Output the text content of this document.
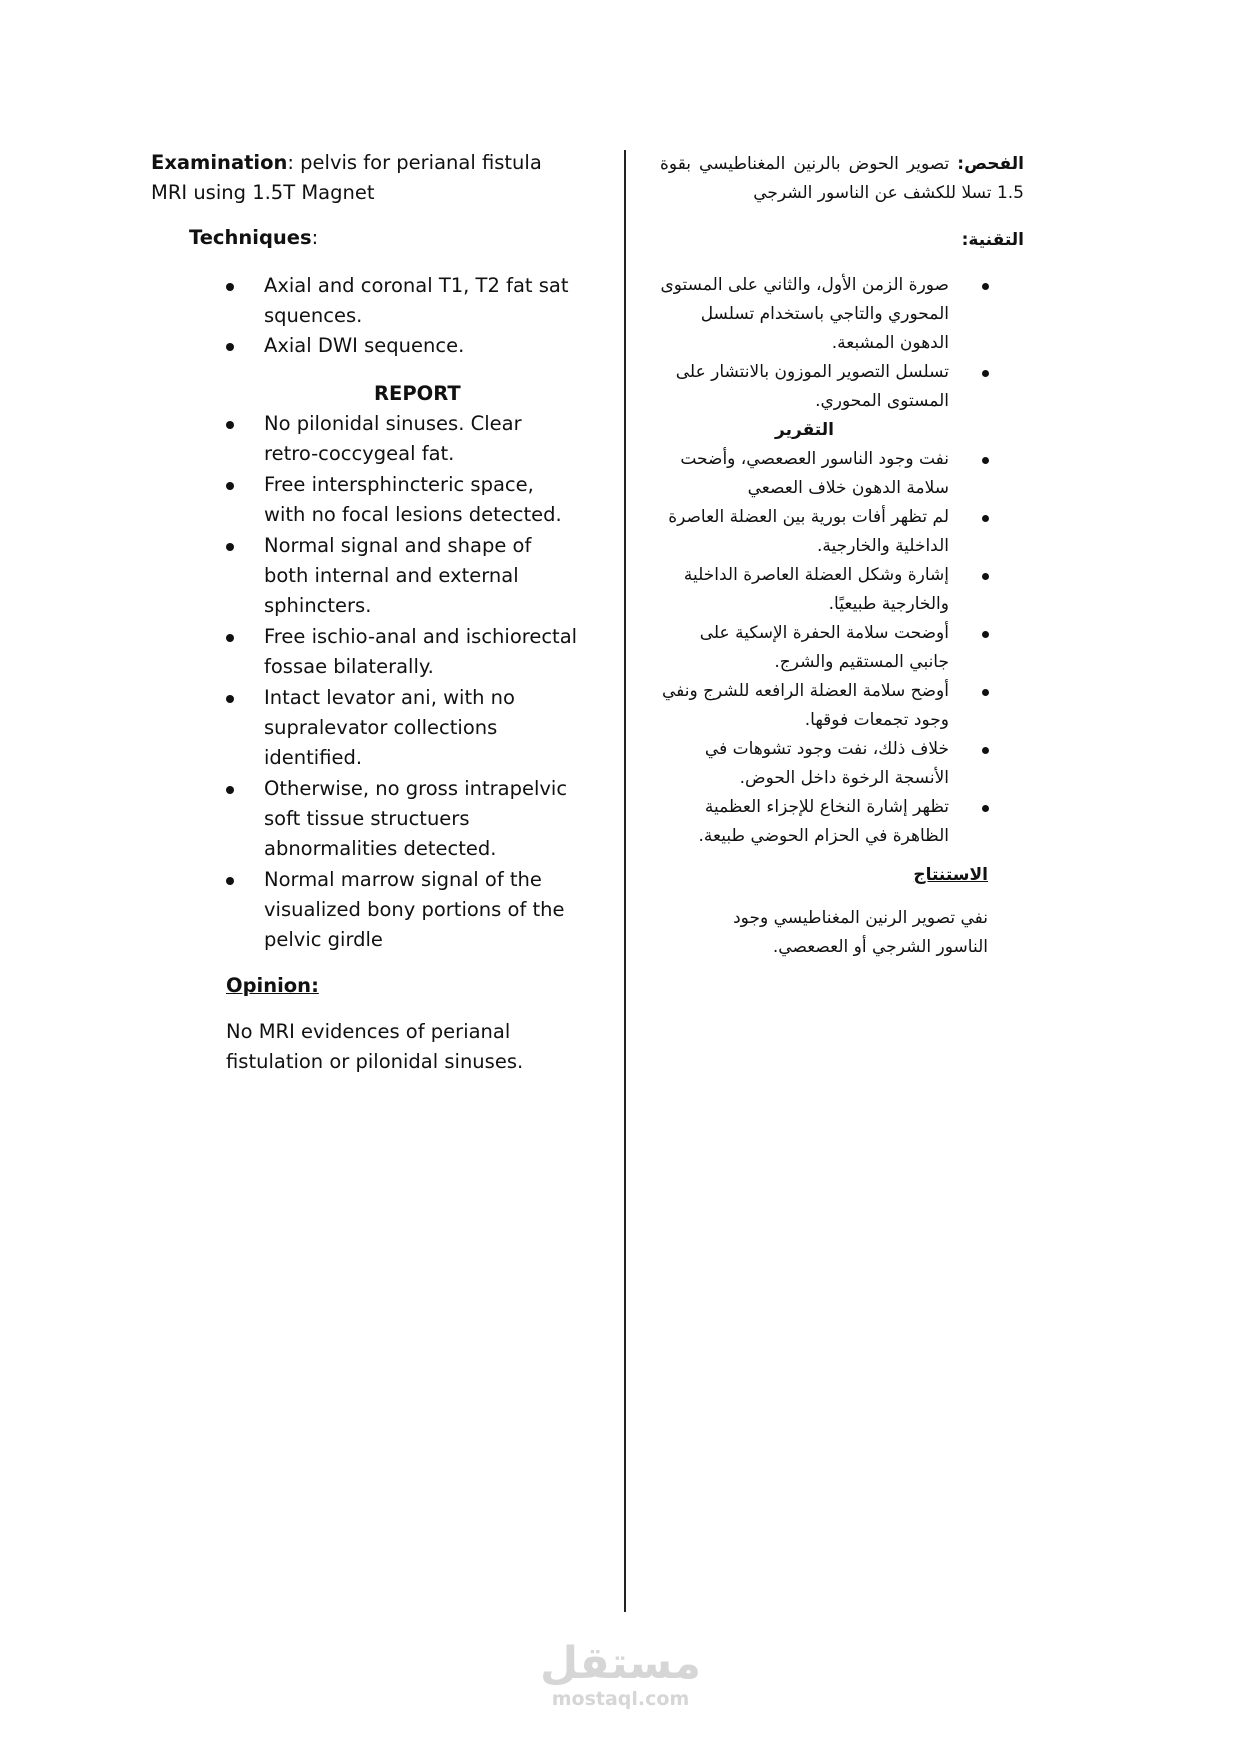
Examination: pelvis for perianal fistula MRI using 1.5T Magnet

Techniques:

Axial and coronal T1, T2 fat sat squences.
Axial DWI sequence.
REPORT
No pilonidal sinuses. Clear retro-coccygeal fat.
Free intersphincteric space, with no focal lesions detected.
Normal signal and shape of both internal and external sphincters.
Free ischio-anal and ischiorectal fossae bilaterally.
Intact levator ani, with no supralevator collections identified.
Otherwise, no gross intrapelvic soft tissue structuers abnormalities detected.
Normal marrow signal of the visualized bony portions of the pelvic girdle

Opinion:

No MRI evidences of perianal fistulation or pilonidal sinuses.

الفحص: تصوير الحوض بالرنين المغناطيسي بقوة 1.5 تسلا للكشف عن الناسور الشرجي

التقنية:

صورة الزمن الأول، والثاني على المستوى المحوري والتاجي باستخدام تسلسل الدهون المشبعة.
تسلسل التصوير الموزون بالانتشار على المستوى المحوري.
التقرير
نفت وجود الناسور العصعصي، وأضحت سلامة الدهون خلاف العصعي
لم تظهر أفات بورية بين العضلة العاصرة الداخلية والخارجية.
إشارة وشكل العضلة العاصرة الداخلية والخارجية طبيعيًا.
أوضحت سلامة الحفرة الإسكية على جانبي المستقيم والشرج.
أوضح سلامة العضلة الرافعه للشرج ونفي وجود تجمعات فوقها.
خلاف ذلك، نفت وجود تشوهات في الأنسجة الرخوة داخل الحوض.
تظهر إشارة النخاع للإجزاء العظمية الظاهرة في الحزام الحوضي طبيعة.

الاستنتاج

نفي تصوير الرنين المغناطيسي وجود الناسور الشرجي أو العصعصي.

مستقل
mostaql.com
